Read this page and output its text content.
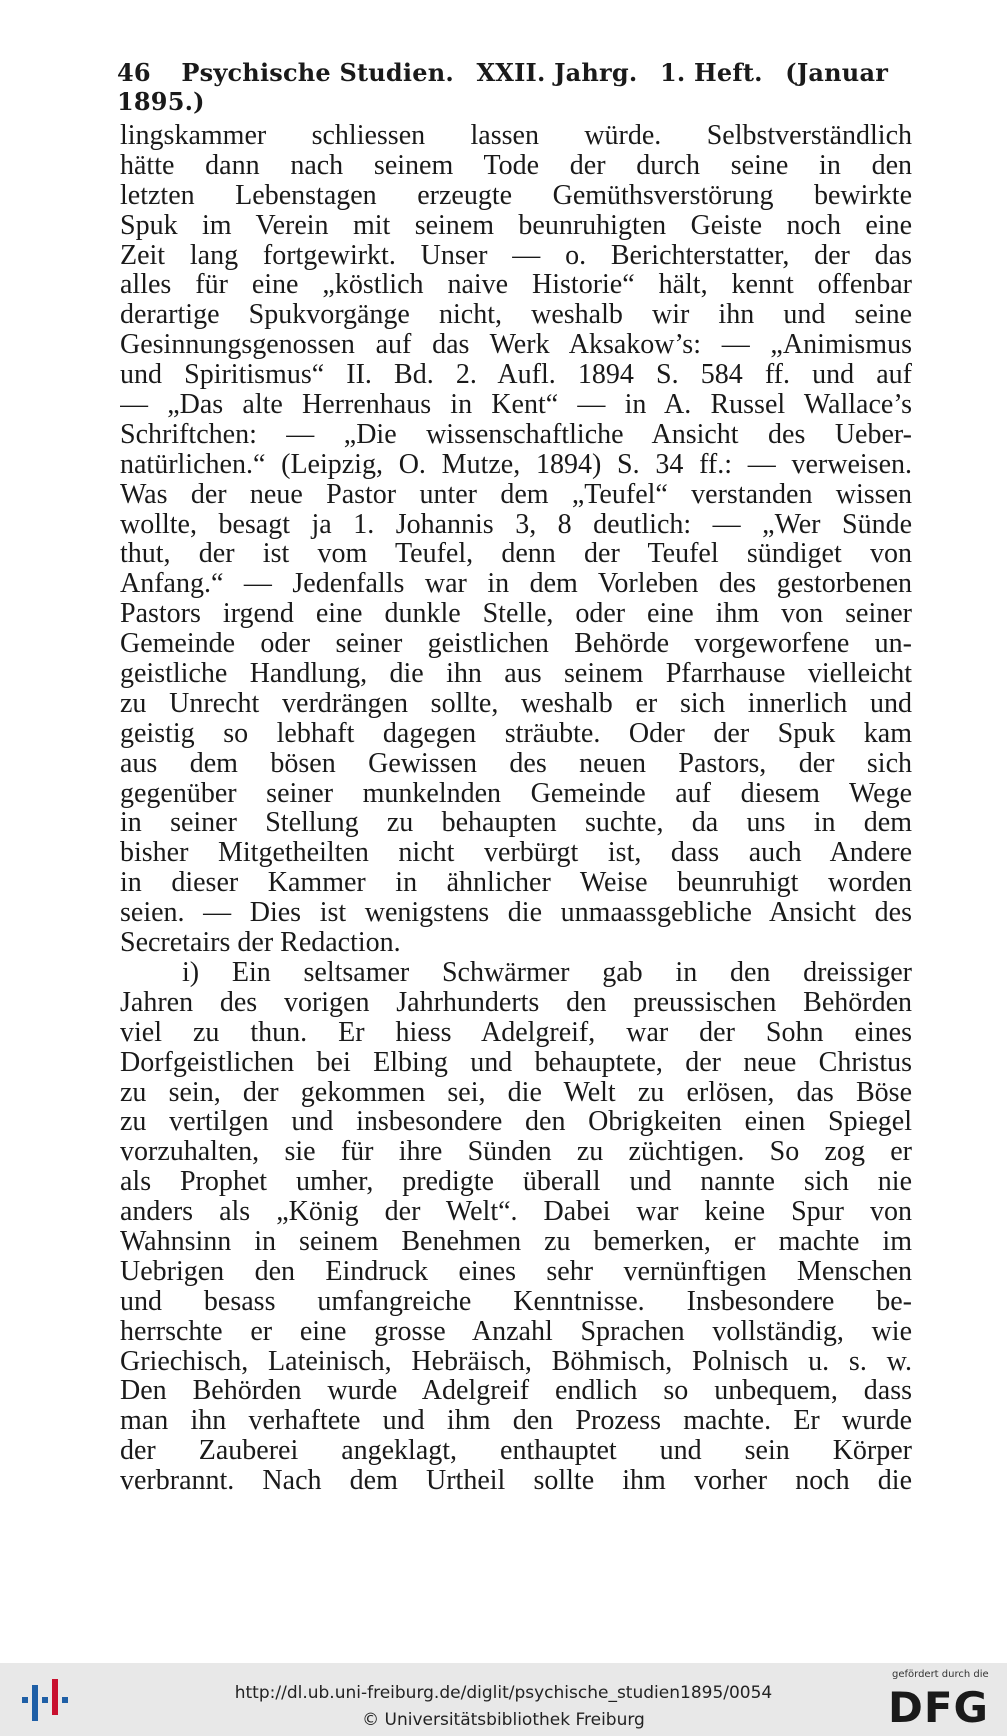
46 Psychische Studien. XXII. Jahrg. 1. Heft. (Januar 1895.)
lingskammer schliessen lassen würde. Selbstverständlich
hätte dann nach seinem Tode der durch seine in den
letzten Lebenstagen erzeugte Gemüthsverstörung bewirkte
Spuk im Verein mit seinem beunruhigten Geiste noch eine
Zeit lang fortgewirkt. Unser — o. Berichterstatter, der das
alles für eine „köstlich naive Historie“ hält, kennt offenbar
derartige Spukvorgänge nicht, weshalb wir ihn und seine
Gesinnungsgenossen auf das Werk Aksakow’s: — „Animismus
und Spiritismus“ II. Bd. 2. Aufl. 1894 S. 584 ff. und auf
— „Das alte Herrenhaus in Kent“ — in A. Russel Wallace’s
Schriftchen: — „Die wissenschaftliche Ansicht des Ueber-
natürlichen.“ (Leipzig, O. Mutze, 1894) S. 34 ff.: — verweisen.
Was der neue Pastor unter dem „Teufel“ verstanden wissen
wollte, besagt ja 1. Johannis 3, 8 deutlich: — „Wer Sünde
thut, der ist vom Teufel, denn der Teufel sündiget von
Anfang.“ — Jedenfalls war in dem Vorleben des gestorbenen
Pastors irgend eine dunkle Stelle, oder eine ihm von seiner
Gemeinde oder seiner geistlichen Behörde vorgeworfene un-
geistliche Handlung, die ihn aus seinem Pfarrhause vielleicht
zu Unrecht verdrängen sollte, weshalb er sich innerlich und
geistig so lebhaft dagegen sträubte. Oder der Spuk kam
aus dem bösen Gewissen des neuen Pastors, der sich
gegenüber seiner munkelnden Gemeinde auf diesem Wege
in seiner Stellung zu behaupten suchte, da uns in dem
bisher Mitgetheilten nicht verbürgt ist, dass auch Andere
in dieser Kammer in ähnlicher Weise beunruhigt worden
seien. — Dies ist wenigstens die unmaassgebliche Ansicht des
Secretairs der Redaction.
i) Ein seltsamer Schwärmer gab in den dreissiger
Jahren des vorigen Jahrhunderts den preussischen Behörden
viel zu thun. Er hiess Adelgreif, war der Sohn eines
Dorfgeistlichen bei Elbing und behauptete, der neue Christus
zu sein, der gekommen sei, die Welt zu erlösen, das Böse
zu vertilgen und insbesondere den Obrigkeiten einen Spiegel
vorzuhalten, sie für ihre Sünden zu züchtigen. So zog er
als Prophet umher, predigte überall und nannte sich nie
anders als „König der Welt“. Dabei war keine Spur von
Wahnsinn in seinem Benehmen zu bemerken, er machte im
Uebrigen den Eindruck eines sehr vernünftigen Menschen
und besass umfangreiche Kenntnisse. Insbesondere be-
herrschte er eine grosse Anzahl Sprachen vollständig, wie
Griechisch, Lateinisch, Hebräisch, Böhmisch, Polnisch u. s. w.
Den Behörden wurde Adelgreif endlich so unbequem, dass
man ihn verhaftete und ihm den Prozess machte. Er wurde
der Zauberei angeklagt, enthauptet und sein Körper
verbrannt. Nach dem Urtheil sollte ihm vorher noch die
http://dl.ub.uni-freiburg.de/diglit/psychische_studien1895/0054
© Universitätsbibliothek Freiburg
gefördert durch die
DFG
